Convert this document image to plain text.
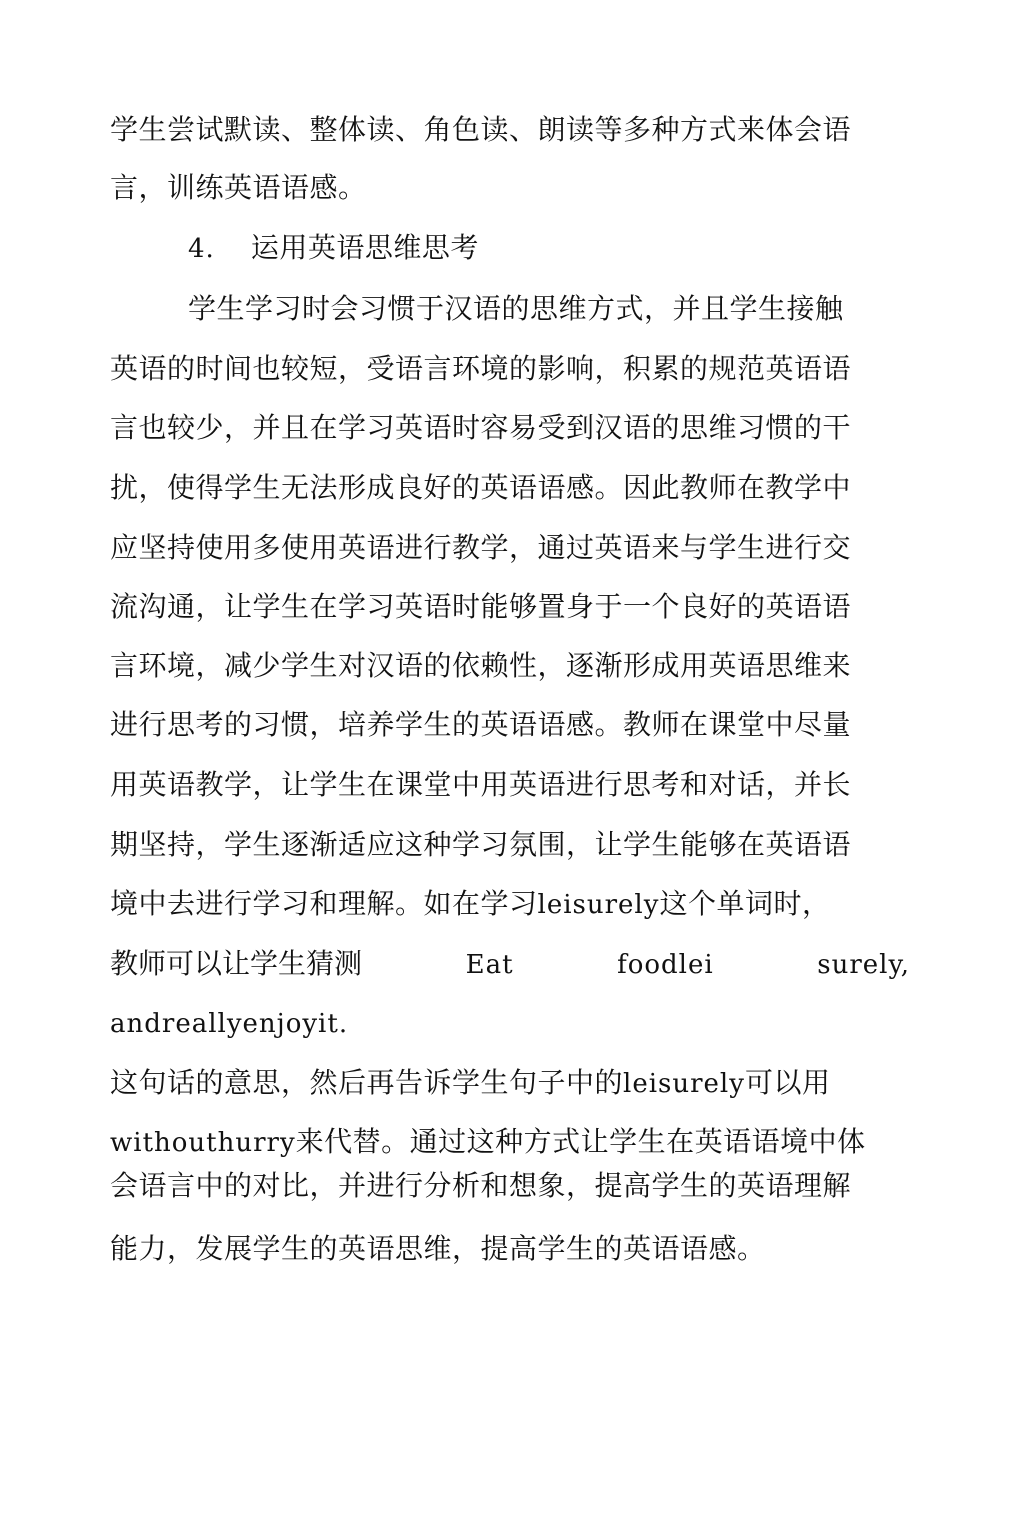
学生尝试默读、整体读、角色读、朗读等多种方式来体会语
言，训练英语语感。
4. 运用英语思维思考
学生学习时会习惯于汉语的思维方式，并且学生接触
英语的时间也较短，受语言环境的影响，积累的规范英语语
言也较少，并且在学习英语时容易受到汉语的思维习惯的干
扰，使得学生无法形成良好的英语语感。因此教师在教学中
应坚持使用多使用英语进行教学，通过英语来与学生进行交
流沟通，让学生在学习英语时能够置身于一个良好的英语语
言环境，减少学生对汉语的依赖性，逐渐形成用英语思维来
进行思考的习惯，培养学生的英语语感。教师在课堂中尽量
用英语教学，让学生在课堂中用英语进行思考和对话，并长
期坚持，学生逐渐适应这种学习氛围，让学生能够在英语语
境中去进行学习和理解。如在学习leisurely这个单词时，
教师可以让学生猜测	Eat	foodlei	surely,
andreallyenjoyit.
这句话的意思，然后再告诉学生句子中的leisurely可以用
withouthurry来代替。通过这种方式让学生在英语语境中体
会语言中的对比，并进行分析和想象，提高学生的英语理解
能力，发展学生的英语思维，提高学生的英语语感。
